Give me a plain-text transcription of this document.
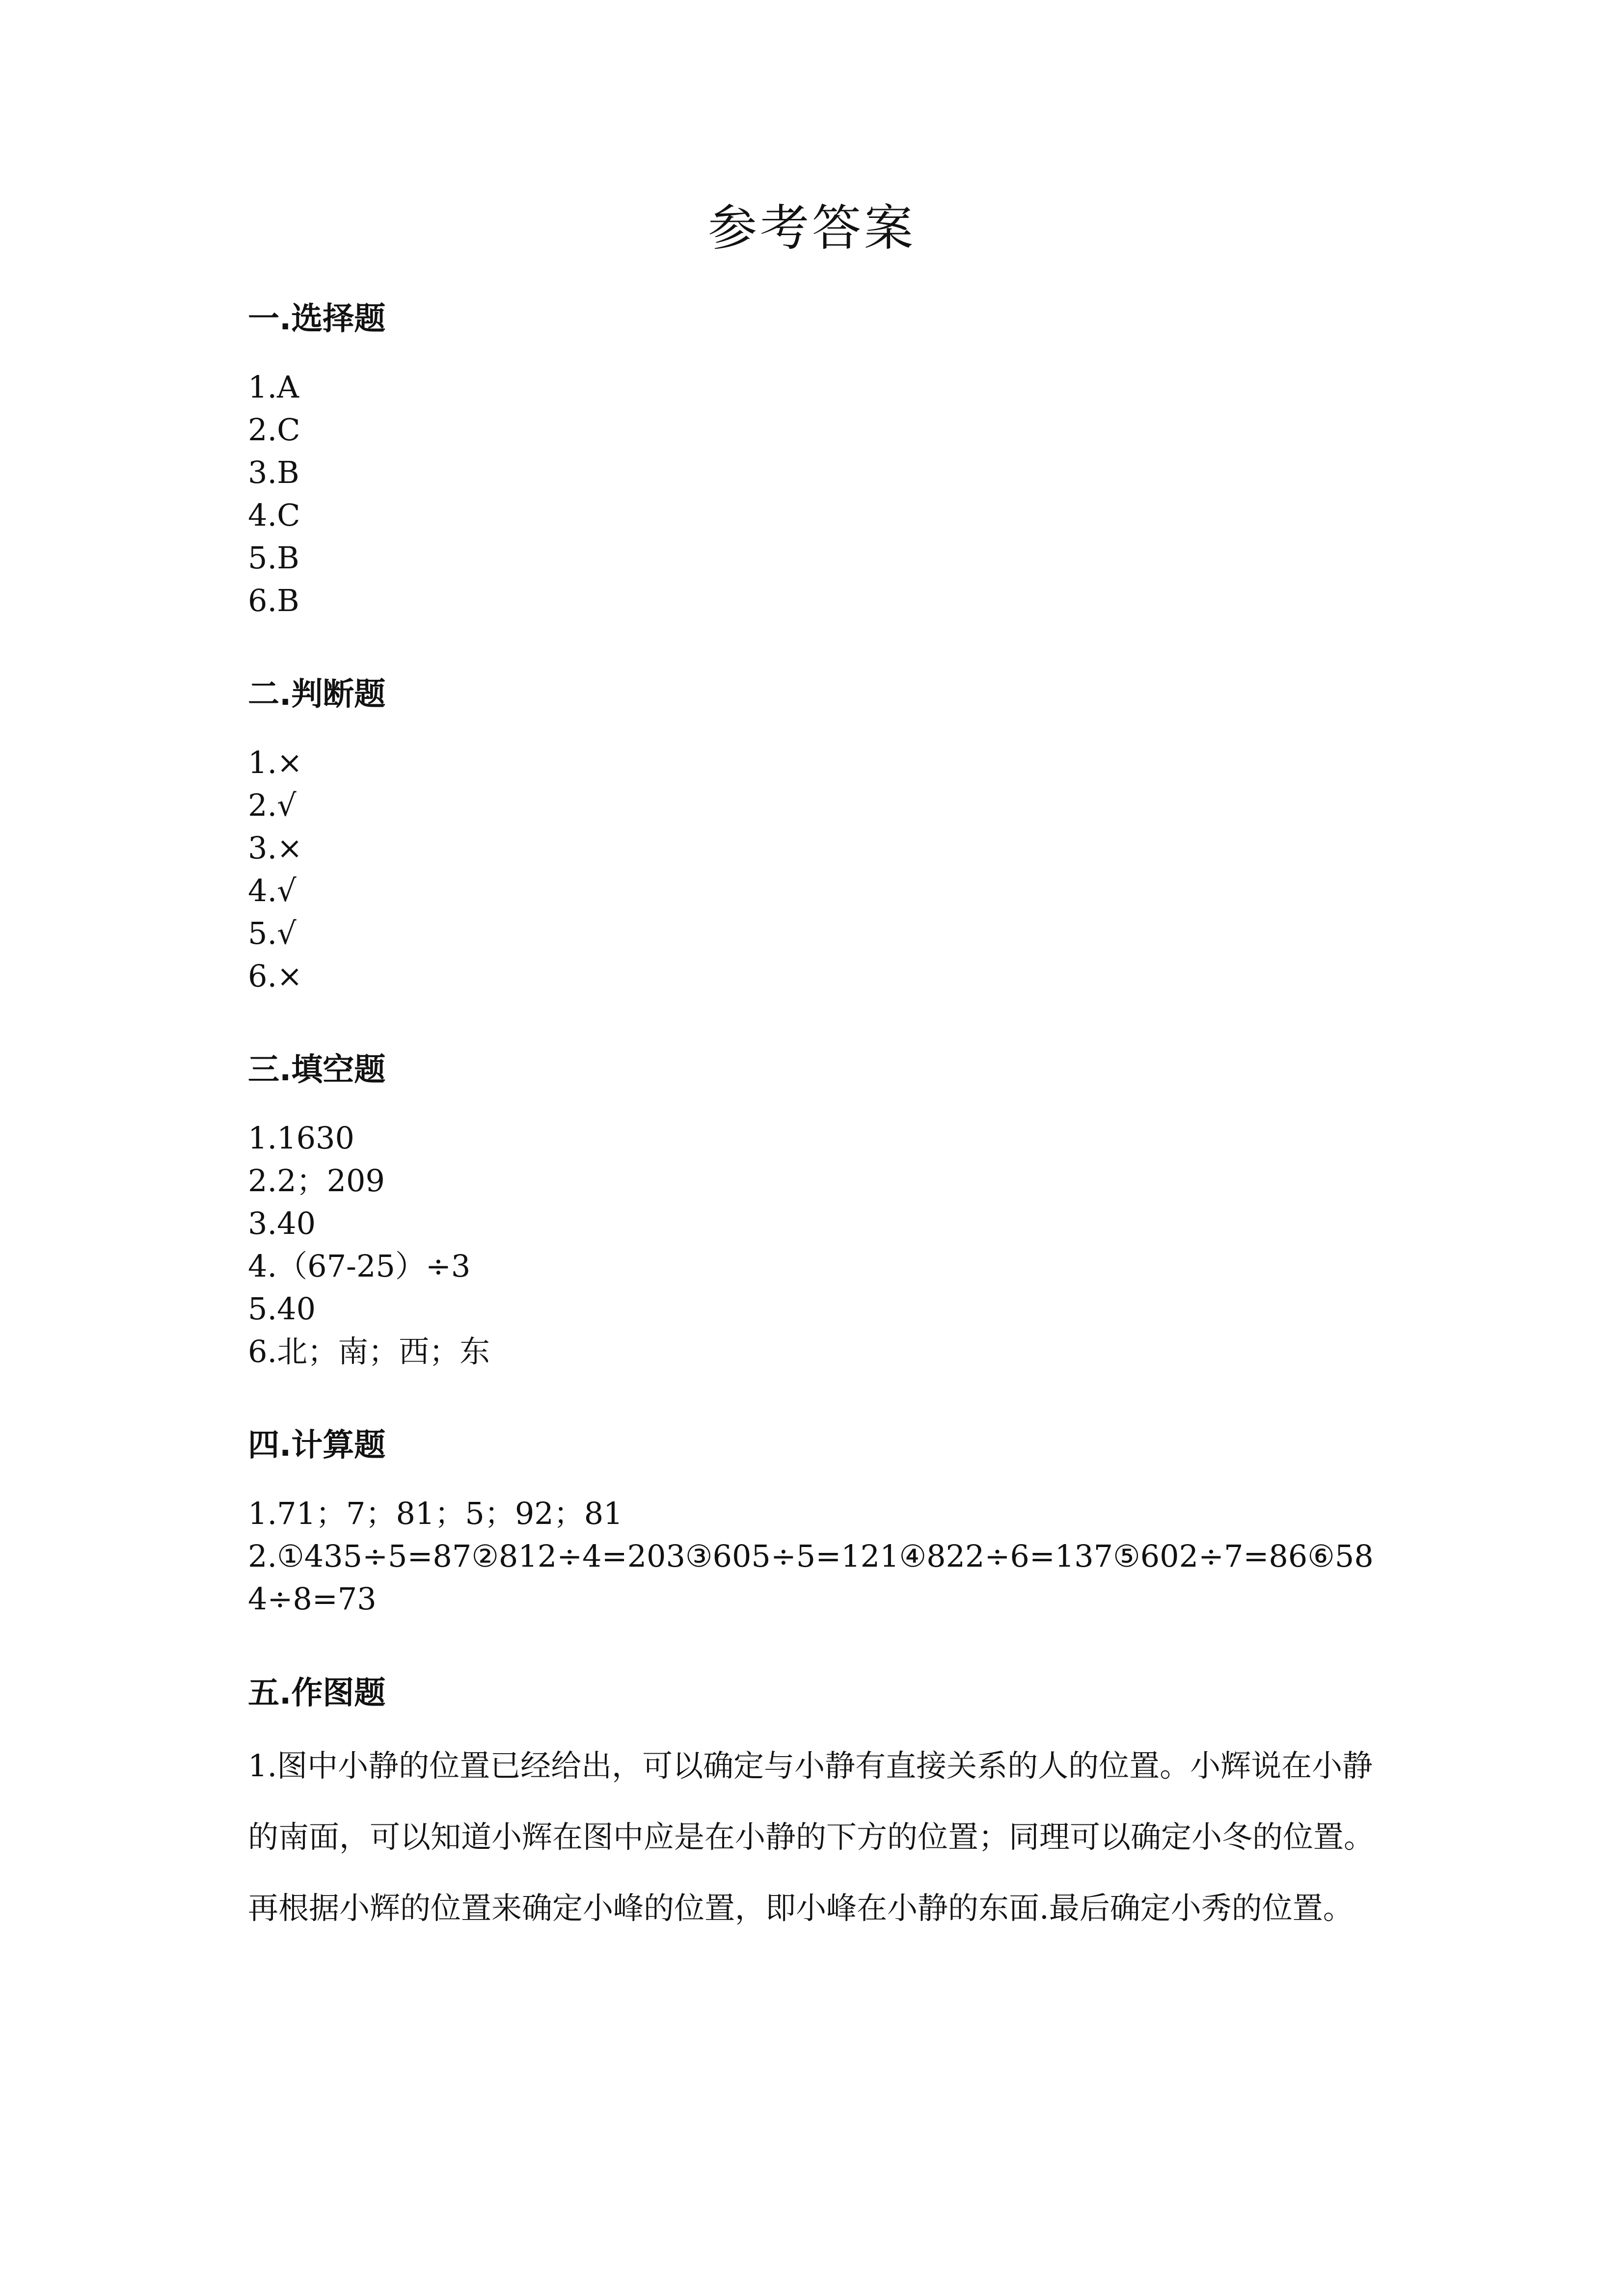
参考答案
一.选择题
1.A
2.C
3.B
4.C
5.B
6.B
二.判断题
1.×
2.√
3.×
4.√
5.√
6.×
三.填空题
1.1630
2.2；209
3.40
4.（67-25）÷3
5.40
6.北；南；西；东
四.计算题
1.71；7；81；5；92；81
2.①435÷5=87②812÷4=203③605÷5=121④822÷6=137⑤602÷7=86⑥584÷8=73
五.作图题
1.图中小静的位置已经给出，可以确定与小静有直接关系的人的位置。小辉说在小静的南面，可以知道小辉在图中应是在小静的下方的位置；同理可以确定小冬的位置。再根据小辉的位置来确定小峰的位置，即小峰在小静的东面.最后确定小秀的位置。
